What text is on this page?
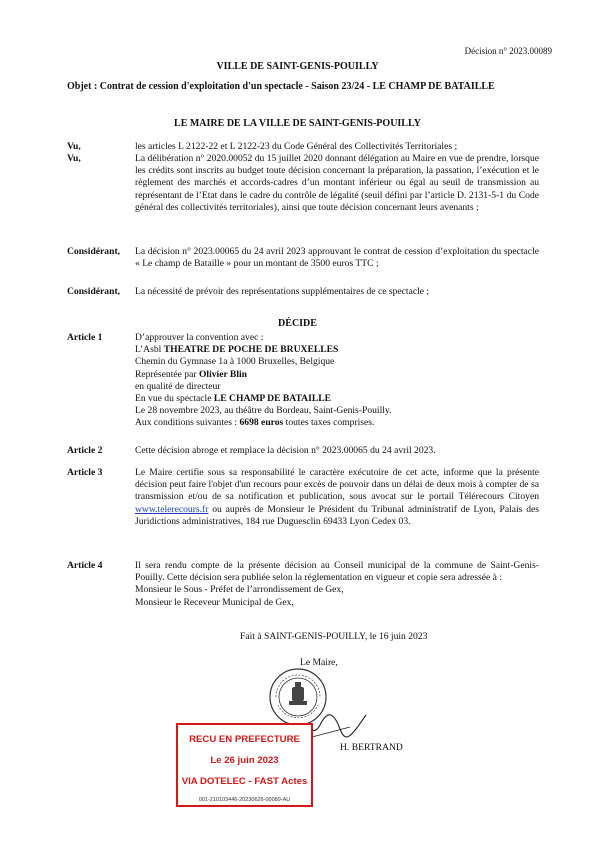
Décision n° 2023.00089
VILLE DE SAINT-GENIS-POUILLY
Objet : Contrat de cession d'exploitation d'un spectacle - Saison 23/24 - LE CHAMP DE BATAILLE
LE MAIRE DE LA VILLE DE SAINT-GENIS-POUILLY
Vu,	les articles L 2122-22 et L 2122-23 du Code Général des Collectivités Territoriales ;
Vu,	La délibération n° 2020.00052 du 15 juillet 2020 donnant délégation au Maire en vue de prendre, lorsque les crédits sont inscrits au budget toute décision concernant la préparation, la passation, l’exécution et le règlement des marchés et accords-cadres d’un montant inférieur ou égal au seuil de transmission au représentant de l’Etat dans le cadre du contrôle de légalité (seuil défini par l’article D. 2131-5-1 du Code général des collectivités territoriales), ainsi que toute décision concernant leurs avenants ;
Considérant, La décision n° 2023.00065 du 24 avril 2023 approuvant le contrat de cession d’exploitation du spectacle « Le champ de Bataille » pour un montant de 3500 euros TTC ;
Considérant, La nécessité de prévoir des représentations supplémentaires de ce spectacle ;
DÉCIDE
Article 1	D’approuver la convention avec :

L’Asbl THEATRE DE POCHE DE BRUXELLES

Chemin du Gymnase 1a à 1000 Bruxelles, Belgique

Représentée par Olivier Blin

en qualité de directeur

En vue du spectacle LE CHAMP DE BATAILLE

Le 28 novembre 2023, au théâtre du Bordeau, Saint-Genis-Pouilly.

Aux conditions suivantes : 6698 euros toutes taxes comprises.

Article 2	Cette décision abroge et remplace la décision n° 2023.00065 du 24 avril 2023.
Article 3	Le Maire certifie sous sa responsabilité le caractère exécutoire de cet acte, informe que la présente décision peut faire l'objet d'un recours pour excès de pouvoir dans un délai de deux mois à compter de sa transmission et/ou de sa notification et publication, sous avocat sur le portail Télérecours Citoyen www.telerecours.fr ou auprès de Monsieur le Président du Tribunal administratif de Lyon, Palais des Juridictions administratives, 184 rue Duguesclin 69433 Lyon Cedex 03.
Article 4	Il sera rendu compte de la présente décision au Conseil municipal de la commune de Saint-Genis-Pouilly. Cette décision sera publiée selon la réglementation en vigueur et copie sera adressée à :

Monsieur le Sous - Préfet de l’arrondissement de Gex,

Monsieur le Receveur Municipal de Gex,

Fait à SAINT-GENIS-POUILLY, le 16 juin 2023
Le Maire,
H. BERTRAND
RECU EN PREFECTURE
Le 26 juin 2023
VIA DOTELEC - FAST Actes
001-210103446-20230626-00089-AU
